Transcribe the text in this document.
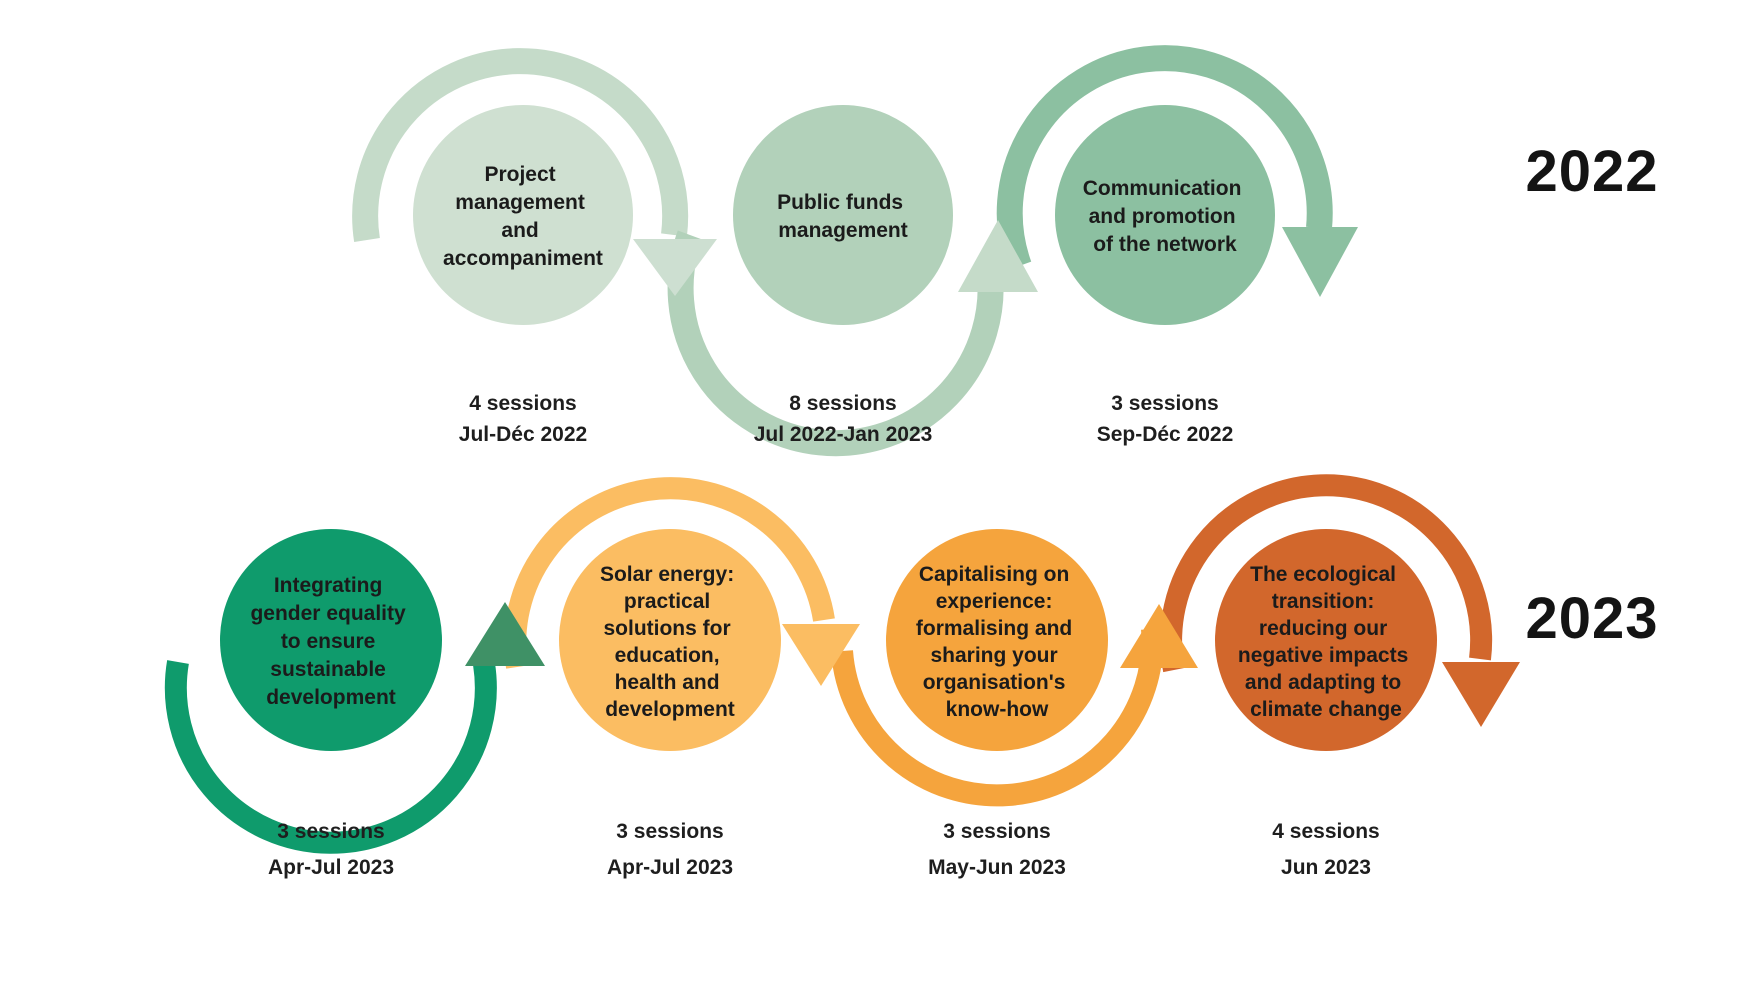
Project management and accompaniment
Public funds management
Communication and promotion of the network
4 sessions
Jul-Déc 2022
8 sessions
Jul 2022-Jan 2023
3 sessions
Sep-Déc 2022
2022
Integrating gender equality to ensure sustainable development
Solar energy: practical solutions for education, health and development
Capitalising on experience: formalising and sharing your organisation's know-how
The ecological transition: reducing our negative impacts and adapting to climate change
3 sessions
Apr-Jul 2023
3 sessions
Apr-Jul 2023
3 sessions
May-Jun 2023
4 sessions
Jun 2023
2023
